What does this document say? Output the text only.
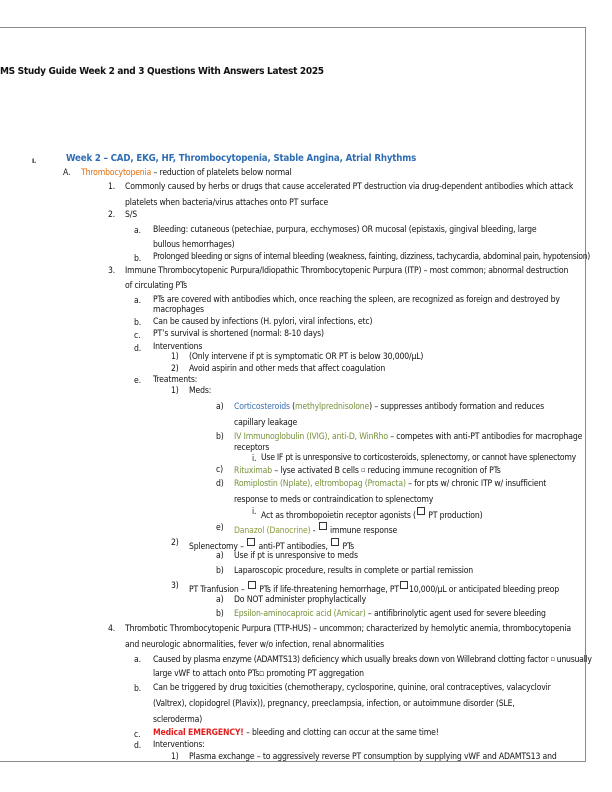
MS Study Guide Week 2 and 3 Questions With Answers Latest 2025
I.	Week 2 – CAD, EKG, HF, Thrombocytopenia, Stable Angina, Atrial Rhythms
A. Thrombocytopenia – reduction of platelets below normal
1. Commonly caused by herbs or drugs that cause accelerated PT destruction via drug-dependent antibodies which attack
platelets when bacteria/virus attaches onto PT surface
2. S/S
a. Bleeding: cutaneous (petechiae, purpura, ecchymoses) OR mucosal (epistaxis, gingival bleeding, large
bullous hemorrhages)
b. Prolonged bleeding or signs of internal bleeding (weakness, fainting, dizziness, tachycardia, abdominal pain, hypotension)
3. Immune Thrombocytopenic Purpura/Idiopathic Thrombocytopenic Purpura (ITP) – most common; abnormal destruction
of circulating PTs
a. PTs are covered with antibodies which, once reaching the spleen, are recognized as foreign and destroyed by
macrophages
b. Can be caused by infections (H. pylori, viral infections, etc)
c. PT’s survival is shortened (normal: 8-10 days)
d. Interventions
1) (Only intervene if pt is symptomatic OR PT is below 30,000/µL)
2) Avoid aspirin and other meds that affect coagulation
e. Treatments:
1) Meds:
a) Corticosteroids (methylprednisolone) – suppresses antibody formation and reduces
capillary leakage
b) IV Immunoglobulin (IVIG), anti-D, WinRho – competes with anti-PT antibodies for macrophage
receptors
i. Use IF pt is unresponsive to corticosteroids, splenectomy, or cannot have splenectomy
c) Rituximab – lyse activated B cells ▫ reducing immune recognition of PTs
d) Romiplostin (Nplate), eltrombopag (Promacta) – for pts w/ chronic ITP w/ insufficient
response to meds or contraindication to splenectomy
i. Act as thrombopoietin receptor agonists ( PT production)
e) Danazol (Danocrine) -  immune response
2) Splenectomy –  anti-PT antibodies,  PTs
a) Use if pt is unresponsive to meds
b) Laparoscopic procedure, results in complete or partial remission
3) PT Tranfusion –  PTs if life-threatening hemorrhage, PT 10,000/µL or anticipated bleeding preop
a) Do NOT administer prophylactically
b) Epsilon-aminocaproic acid (Amicar) – antifibrinolytic agent used for severe bleeding
4. Thrombotic Thrombocytopenic Purpura (TTP-HUS) – uncommon; characterized by hemolytic anemia, thrombocytopenia
and neurologic abnormalities, fever w/o infection, renal abnormalities
a. Caused by plasma enzyme (ADAMTS13) deficiency which usually breaks down von Willebrand clotting factor ▫ unusually
large vWF to attach onto PTs▫ promoting PT aggregation
b. Can be triggered by drug toxicities (chemotherapy, cyclosporine, quinine, oral contraceptives, valacyclovir
(Valtrex), clopidogrel (Plavix)), pregnancy, preeclampsia, infection, or autoimmune disorder (SLE,
scleroderma)
c. Medical EMERGENCY! – bleeding and clotting can occur at the same time!
d. Interventions:
1) Plasma exchange – to aggressively reverse PT consumption by supplying vWF and ADAMTS13 and
